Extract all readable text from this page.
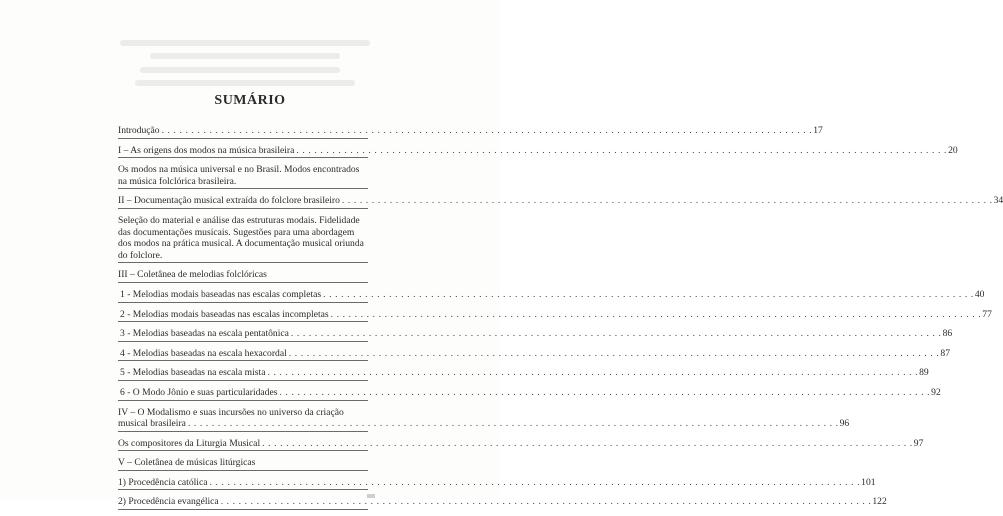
SUMÁRIO
Introdução . . .	17
I – As origens dos modos na música brasileira . . .	20
Os modos na música universal e no Brasil. Modos encontrados na música folclórica brasileira.
II – Documentação musical extraída do folclore brasileiro . . .	34
Seleção do material e análise das estruturas modais. Fidelidade das documentações musicais. Sugestões para uma abordagem dos modos na prática musical. A documentação musical oriunda do folclore.
III – Coletânea de melodias folclóricas
1 - Melodias modais baseadas nas escalas completas . . .	40
2 - Melodias modais baseadas nas escalas incompletas . . .	77
3 - Melodias baseadas na escala pentatônica . . .	86
4 - Melodias baseadas na escala hexacordal . . .	87
5 - Melodias baseadas na escala mista . . .	89
6 - O Modo Jônio e suas particularidades . . .	92
IV – O Modalismo e suas incursões no universo da criação
musical brasileira . . .	96
Os compositores da Liturgia Musical . . .	97
V – Coletânea de músicas litúrgicas
1) Procedência católica . . .	101
2) Procedência evangélica . . .	122
